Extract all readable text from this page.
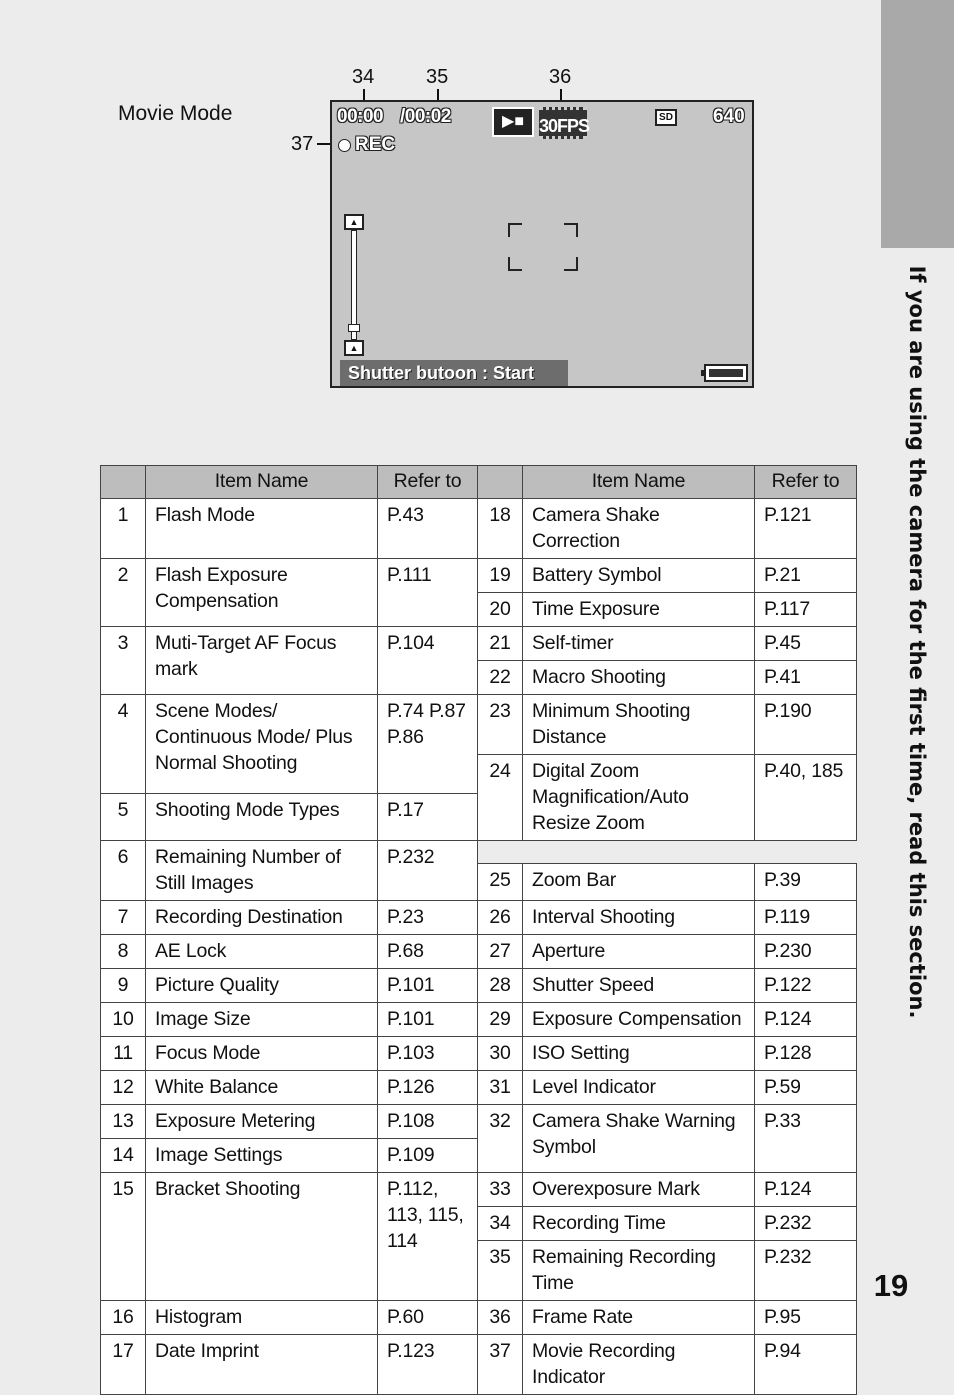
If you are using the camera for the first time, read this section.
19
Movie Mode
34	35	36
37
00:00 /00:02
REC
▶■ 30FPS	SD 640
▲
▲
Shutter butoon : Start
	Item Name	Refer to		Item Name	Refer to
1	Flash Mode	P.43	18	Camera Shake Correction	P.121
2	Flash Exposure Compensation	P.111	19	Battery Symbol	P.21
			20	Time Exposure	P.117
3	Muti-Target AF Focus mark	P.104	21	Self-timer	P.45
			22	Macro Shooting	P.41
4	Scene Modes/ Continuous Mode/ Plus Normal Shooting	P.74 P.87 P.86	23	Minimum Shooting Distance	P.190
			24	Digital Zoom Magnification/Auto Resize Zoom	P.40, 185
5	Shooting Mode Types	P.17			
6	Remaining Number of Still Images	P.232			
			25	Zoom Bar	P.39
7	Recording Destination	P.23	26	Interval Shooting	P.119
8	AE Lock	P.68	27	Aperture	P.230
9	Picture Quality	P.101	28	Shutter Speed	P.122
10	Image Size	P.101	29	Exposure Compensation	P.124
11	Focus Mode	P.103	30	ISO Setting	P.128
12	White Balance	P.126	31	Level Indicator	P.59
13	Exposure Metering	P.108	32	Camera Shake Warning Symbol	P.33
14	Image Settings	P.109			
15	Bracket Shooting	P.112, 113, 115, 114	33	Overexposure Mark	P.124
			34	Recording Time	P.232
			35	Remaining Recording Time	P.232
16	Histogram	P.60	36	Frame Rate	P.95
17	Date Imprint	P.123	37	Movie Recording Indicator	P.94
